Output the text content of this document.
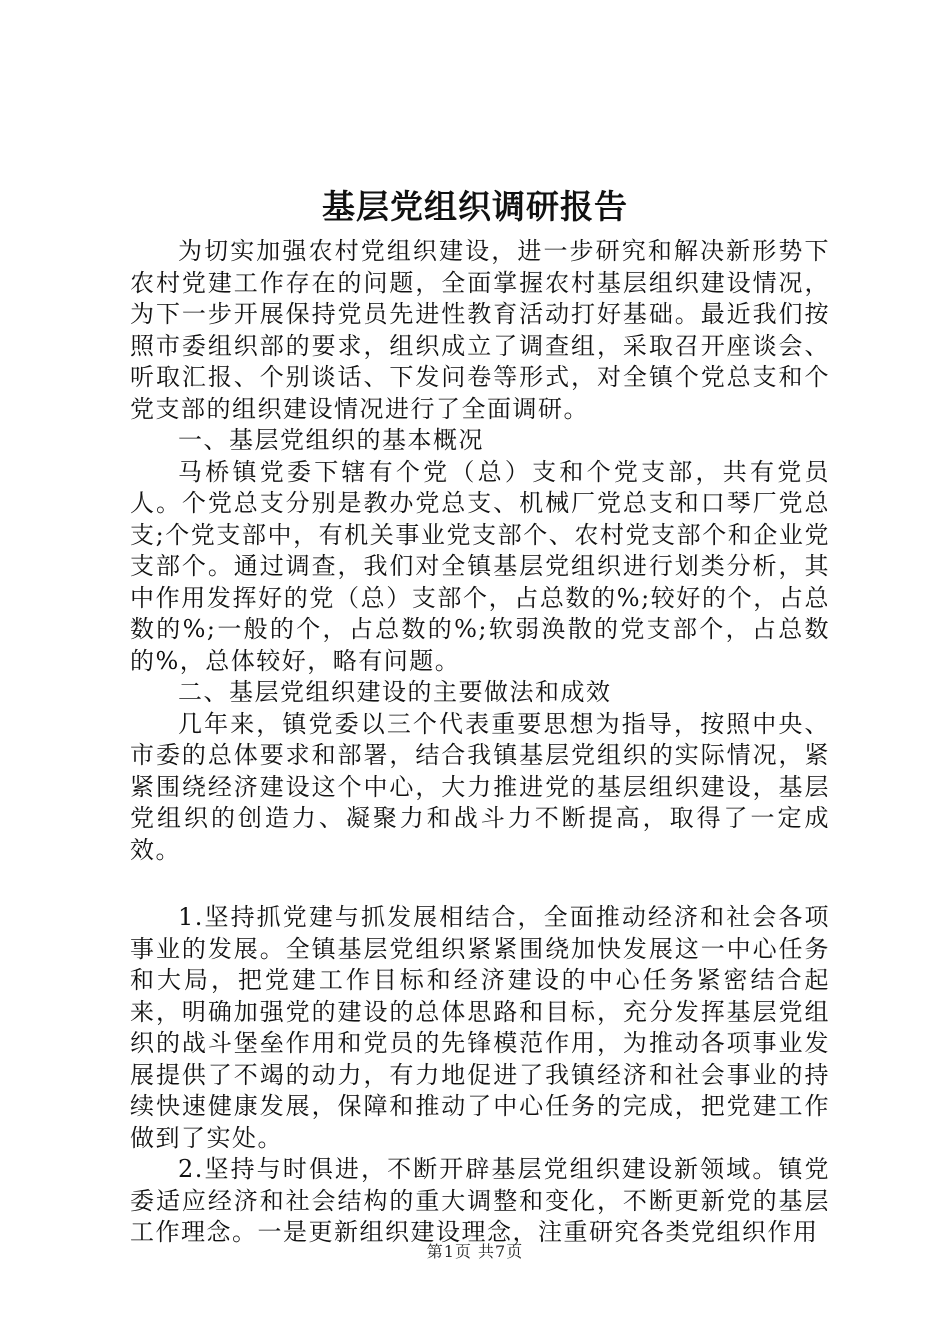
基层党组织调研报告

为切实加强农村党组织建设，进一步研究和解决新形势下农村党建工作存在的问题，全面掌握农村基层组织建设情况，为下一步开展保持党员先进性教育活动打好基础。最近我们按照市委组织部的要求，组织成立了调查组，采取召开座谈会、听取汇报、个别谈话、下发问卷等形式，对全镇个党总支和个党支部的组织建设情况进行了全面调研。

一、基层党组织的基本概况

马桥镇党委下辖有个党（总）支和个党支部，共有党员人。个党总支分别是教办党总支、机械厂党总支和口琴厂党总支;个党支部中，有机关事业党支部个、农村党支部个和企业党支部个。通过调查，我们对全镇基层党组织进行划类分析，其中作用发挥好的党（总）支部个，占总数的%;较好的个，占总数的%;一般的个，占总数的%;软弱涣散的党支部个，占总数的%，总体较好，略有问题。

二、基层党组织建设的主要做法和成效

几年来，镇党委以三个代表重要思想为指导，按照中央、市委的总体要求和部署，结合我镇基层党组织的实际情况，紧紧围绕经济建设这个中心，大力推进党的基层组织建设，基层党组织的创造力、凝聚力和战斗力不断提高，取得了一定成效。

1.坚持抓党建与抓发展相结合，全面推动经济和社会各项事业的发展。全镇基层党组织紧紧围绕加快发展这一中心任务和大局，把党建工作目标和经济建设的中心任务紧密结合起来，明确加强党的建设的总体思路和目标，充分发挥基层党组织的战斗堡垒作用和党员的先锋模范作用，为推动各项事业发展提供了不竭的动力，有力地促进了我镇经济和社会事业的持续快速健康发展，保障和推动了中心任务的完成，把党建工作做到了实处。

2.坚持与时俱进，不断开辟基层党组织建设新领域。镇党委适应经济和社会结构的重大调整和变化，不断更新党的基层工作理念。一是更新组织建设理念，注重研究各类党组织作用

第1页 共7页
